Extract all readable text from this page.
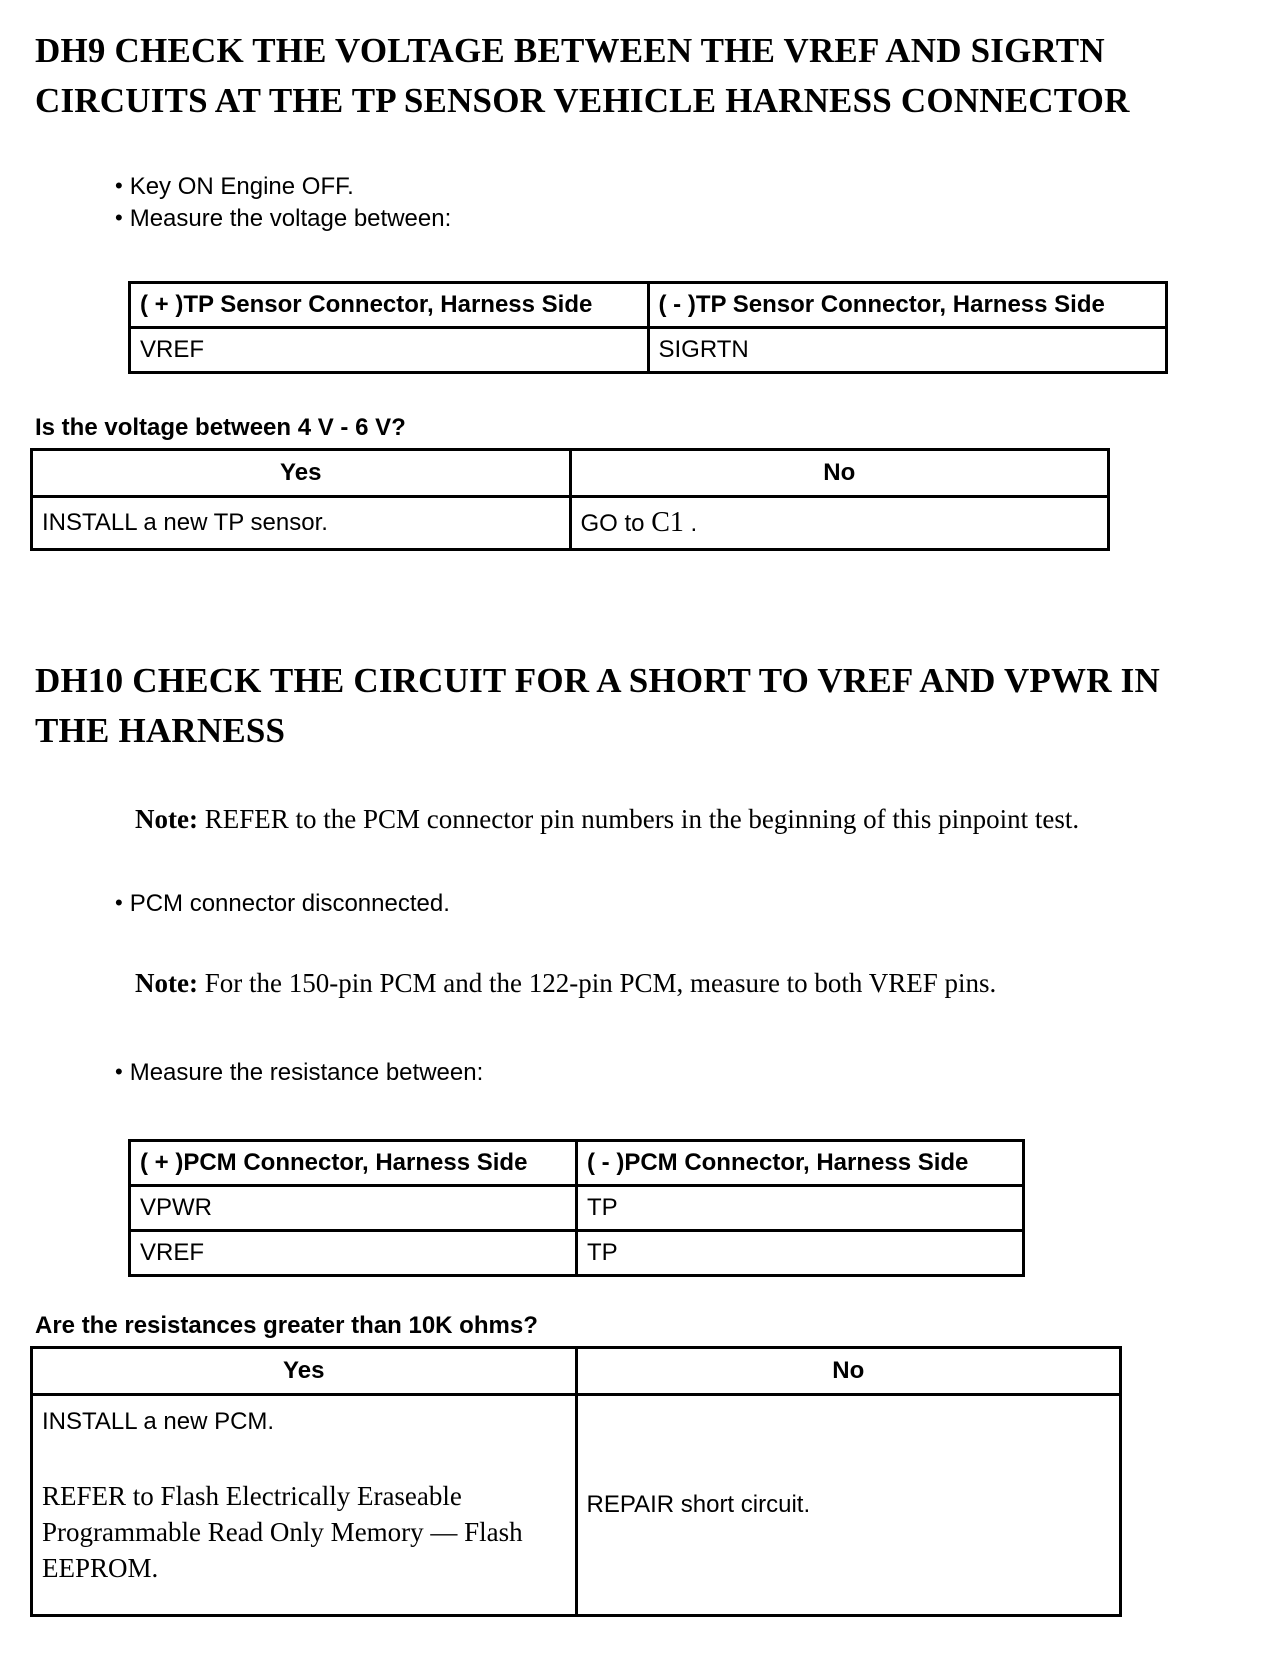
DH9 CHECK THE VOLTAGE BETWEEN THE VREF AND SIGRTN CIRCUITS AT THE TP SENSOR VEHICLE HARNESS CONNECTOR
• Key ON Engine OFF.
• Measure the voltage between:
( + )TP Sensor Connector, Harness Side	( - )TP Sensor Connector, Harness Side
VREF	SIGRTN
Is the voltage between 4 V - 6 V?
Yes	No
INSTALL a new TP sensor.	GO to C1 .
DH10 CHECK THE CIRCUIT FOR A SHORT TO VREF AND VPWR IN THE HARNESS

Note: REFER to the PCM connector pin numbers in the beginning of this pinpoint test.

• PCM connector disconnected.

Note: For the 150-pin PCM and the 122-pin PCM, measure to both VREF pins.

• Measure the resistance between:
( + )PCM Connector, Harness Side	( - )PCM Connector, Harness Side
VPWR	TP
VREF	TP
Are the resistances greater than 10K ohms?
Yes	No

INSTALL a new PCM.
REFER to Flash Electrically Eraseable Programmable Read Only Memory — Flash EEPROM.	REPAIR short circuit.
